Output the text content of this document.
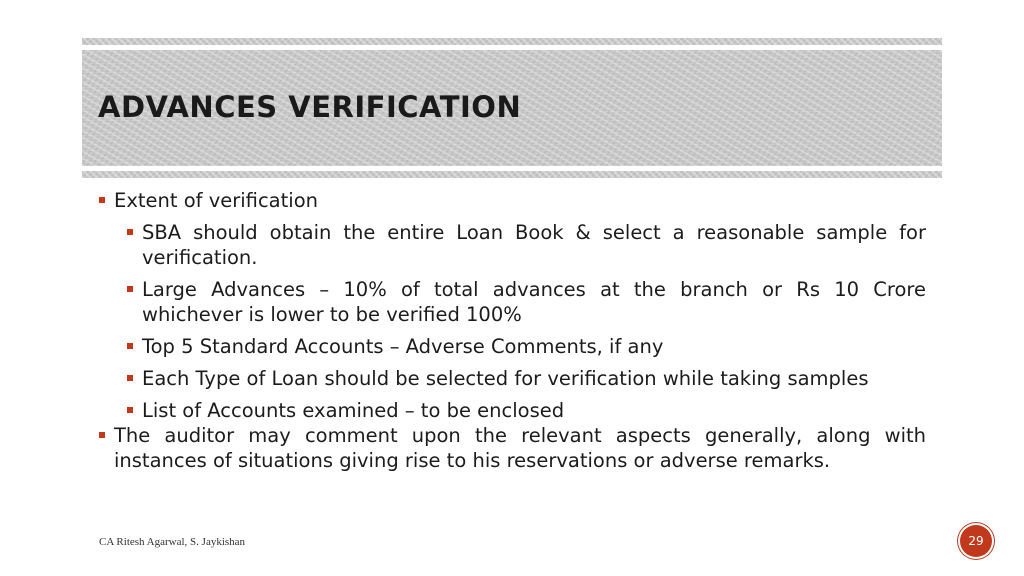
ADVANCES VERIFICATION
Extent of verification
SBA should obtain the entire Loan Book & select a reasonable sample for verification.
Large Advances – 10% of total advances at the branch or Rs 10 Crore whichever is lower to be verified 100%
Top 5 Standard Accounts – Adverse Comments, if any
Each Type of Loan should be selected for verification while taking samples
List of Accounts examined – to be enclosed
The auditor may comment upon the relevant aspects generally, along with instances of situations giving rise to his reservations or adverse remarks.
CA Ritesh Agarwal, S. Jaykishan	29
